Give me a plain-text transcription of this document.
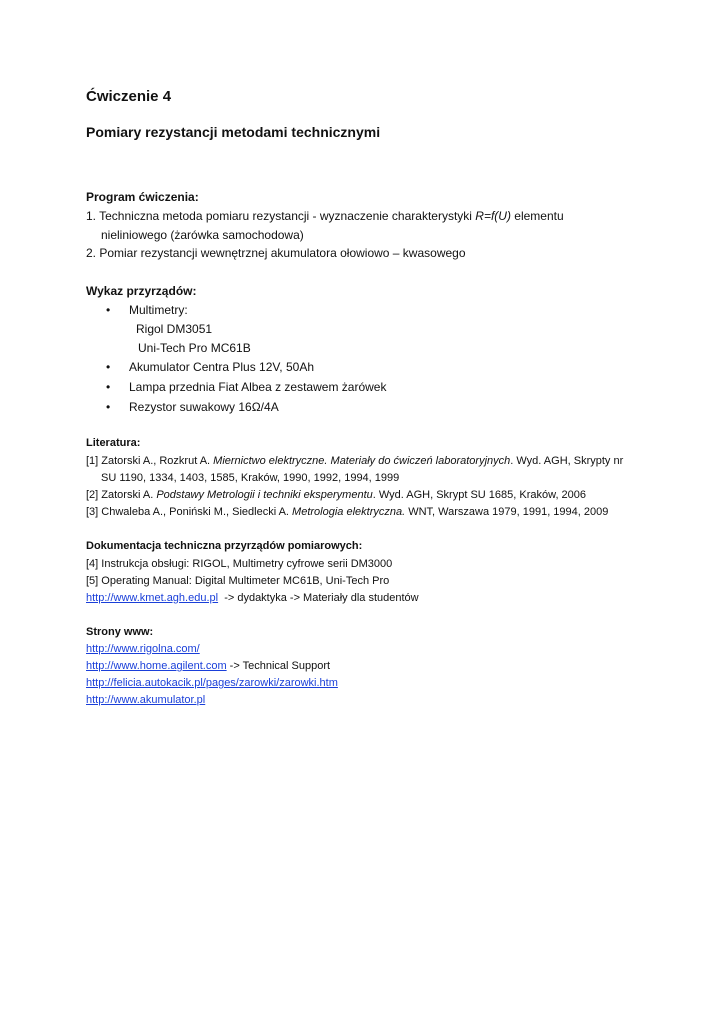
Ćwiczenie 4
Pomiary rezystancji metodami technicznymi
Program ćwiczenia:
1. Techniczna metoda pomiaru rezystancji - wyznaczenie charakterystyki R=f(U) elementu
nieliniowego (żarówka samochodowa)
2. Pomiar rezystancji wewnętrznej akumulatora ołowiowo – kwasowego
Wykaz przyrządów:
• Multimetry:
Rigol DM3051
Uni-Tech Pro MC61B
• Akumulator Centra Plus 12V, 50Ah
• Lampa przednia Fiat Albea z zestawem żarówek
• Rezystor suwakowy 16Ω/4A
Literatura:
[1] Zatorski A., Rozkrut A. Miernictwo elektryczne. Materiały do ćwiczeń laboratoryjnych. Wyd. AGH, Skrypty nr
SU 1190, 1334, 1403, 1585, Kraków, 1990, 1992, 1994, 1999
[2] Zatorski A. Podstawy Metrologii i techniki eksperymentu. Wyd. AGH, Skrypt SU 1685, Kraków, 2006
[3] Chwaleba A., Poniński M., Siedlecki A. Metrologia elektryczna. WNT, Warszawa 1979, 1991, 1994, 2009
Dokumentacja techniczna przyrządów pomiarowych:
[4] Instrukcja obsługi: RIGOL, Multimetry cyfrowe serii DM3000
[5] Operating Manual: Digital Multimeter MC61B, Uni-Tech Pro
http://www.kmet.agh.edu.pl  -> dydaktyka -> Materiały dla studentów
Strony www:
http://www.rigolna.com/
http://www.home.agilent.com -> Technical Support
http://felicia.autokacik.pl/pages/zarowki/zarowki.htm
http://www.akumulator.pl
